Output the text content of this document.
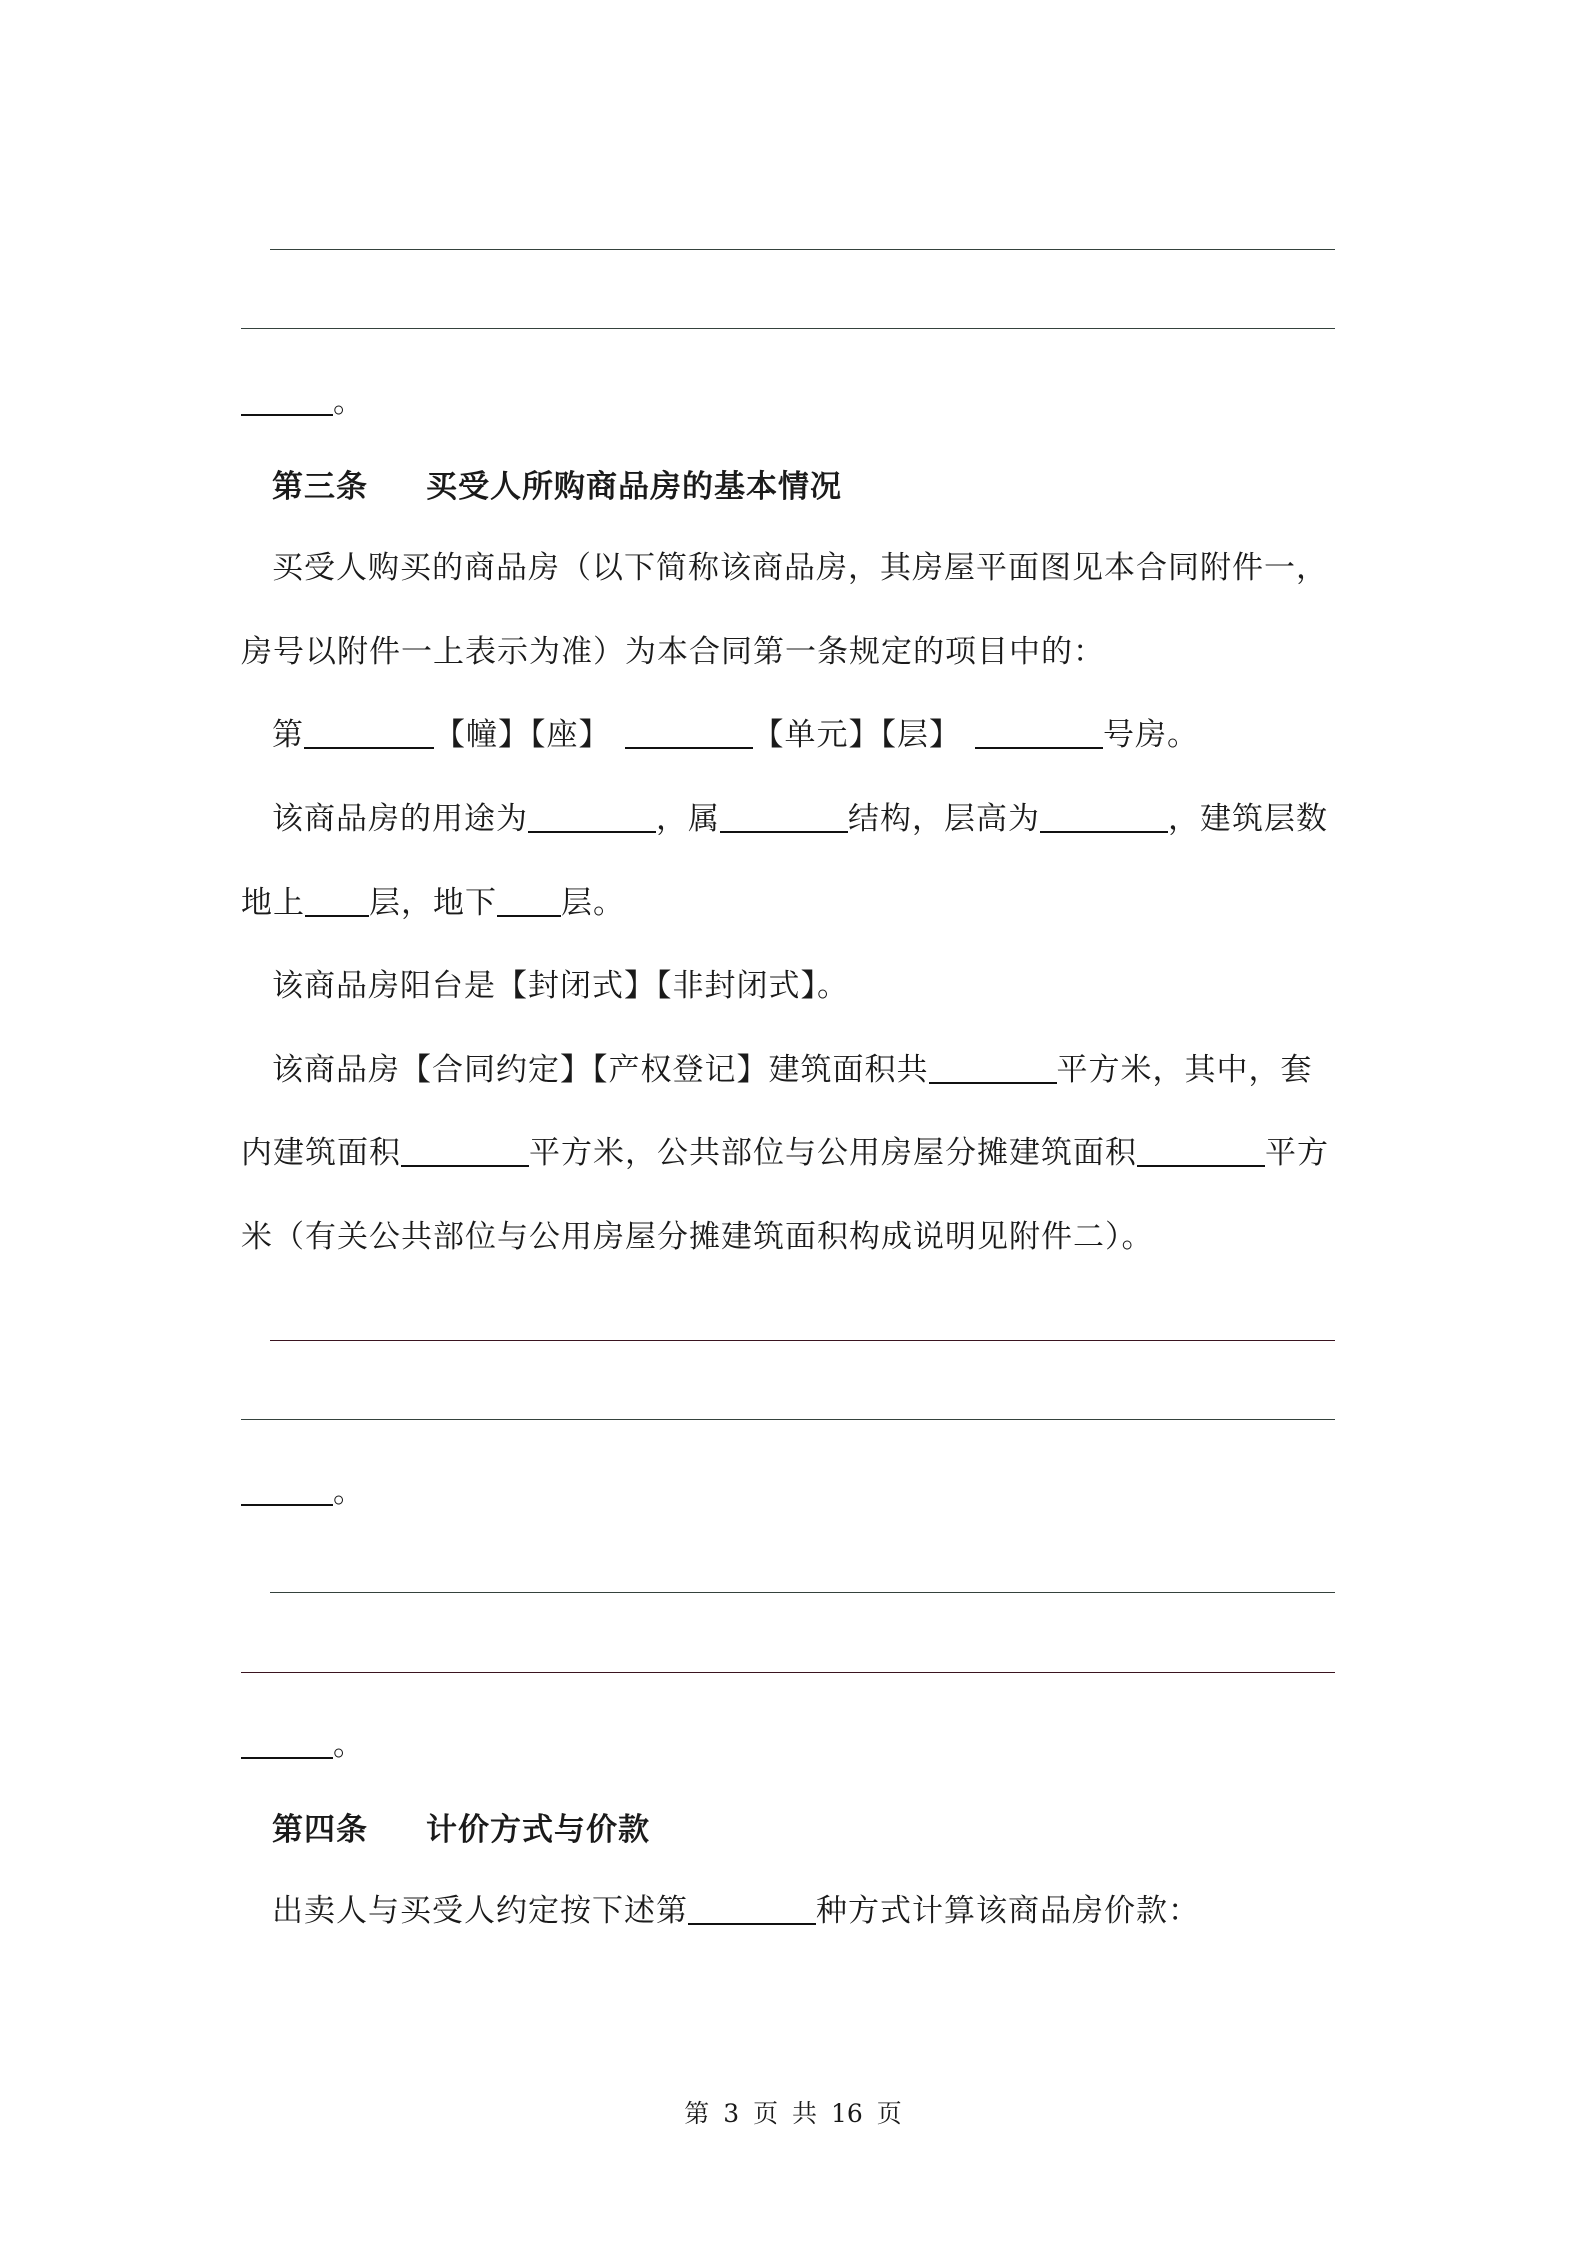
。
第三条 买受人所购商品房的基本情况
买受人购买的商品房（以下简称该商品房，其房屋平面图见本合同附件一，
房号以附件一上表示为准）为本合同第一条规定的项目中的：
第	【幢】【座】	【单元】【层】	号房。
该商品房的用途为	，属	结构，层高为	，建筑层数
地上 层，地下 层。
该商品房阳台是【封闭式】【非封闭式】。
该商品房【合同约定】【产权登记】建筑面积共	平方米，其中，套
内建筑面积	平方米，公共部位与公用房屋分摊建筑面积	平方
米（有关公共部位与公用房屋分摊建筑面积构成说明见附件二）。
。
。
第四条 计价方式与价款
出卖人与买受人约定按下述第	种方式计算该商品房价款：
第 3 页 共 16 页
